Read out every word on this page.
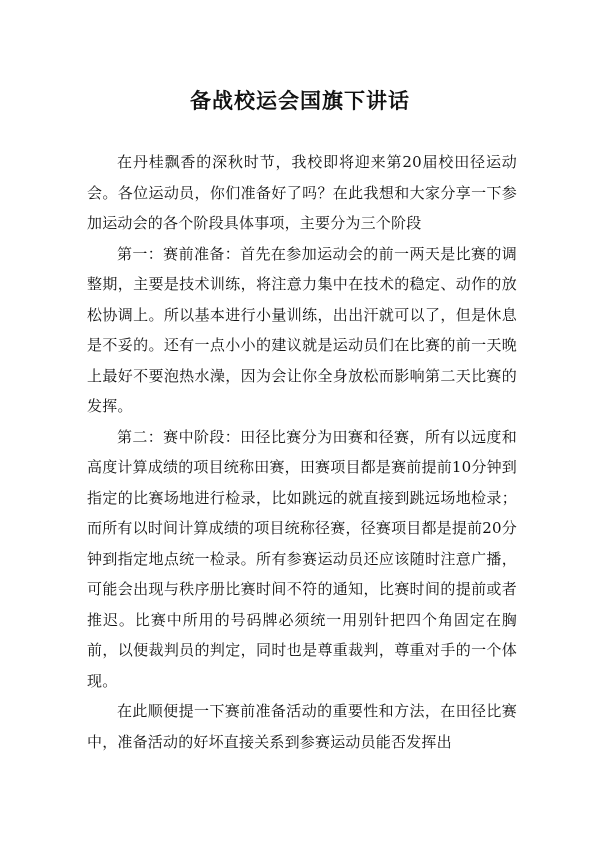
备战校运会国旗下讲话

在丹桂飘香的深秋时节，我校即将迎来第20届校田径运动会。各位运动员，你们准备好了吗？在此我想和大家分享一下参加运动会的各个阶段具体事项，主要分为三个阶段

第一：赛前准备：首先在参加运动会的前一两天是比赛的调整期，主要是技术训练，将注意力集中在技术的稳定、动作的放松协调上。所以基本进行小量训练，出出汗就可以了，但是休息是不妥的。还有一点小小的建议就是运动员们在比赛的前一天晚上最好不要泡热水澡，因为会让你全身放松而影响第二天比赛的发挥。

第二：赛中阶段：田径比赛分为田赛和径赛，所有以远度和高度计算成绩的项目统称田赛，田赛项目都是赛前提前10分钟到指定的比赛场地进行检录，比如跳远的就直接到跳远场地检录；而所有以时间计算成绩的项目统称径赛，径赛项目都是提前20分钟到指定地点统一检录。所有参赛运动员还应该随时注意广播，可能会出现与秩序册比赛时间不符的通知，比赛时间的提前或者推迟。比赛中所用的号码牌必须统一用别针把四个角固定在胸前，以便裁判员的判定，同时也是尊重裁判，尊重对手的一个体现。

在此顺便提一下赛前准备活动的重要性和方法，在田径比赛中，准备活动的好坏直接关系到参赛运动员能否发挥出
